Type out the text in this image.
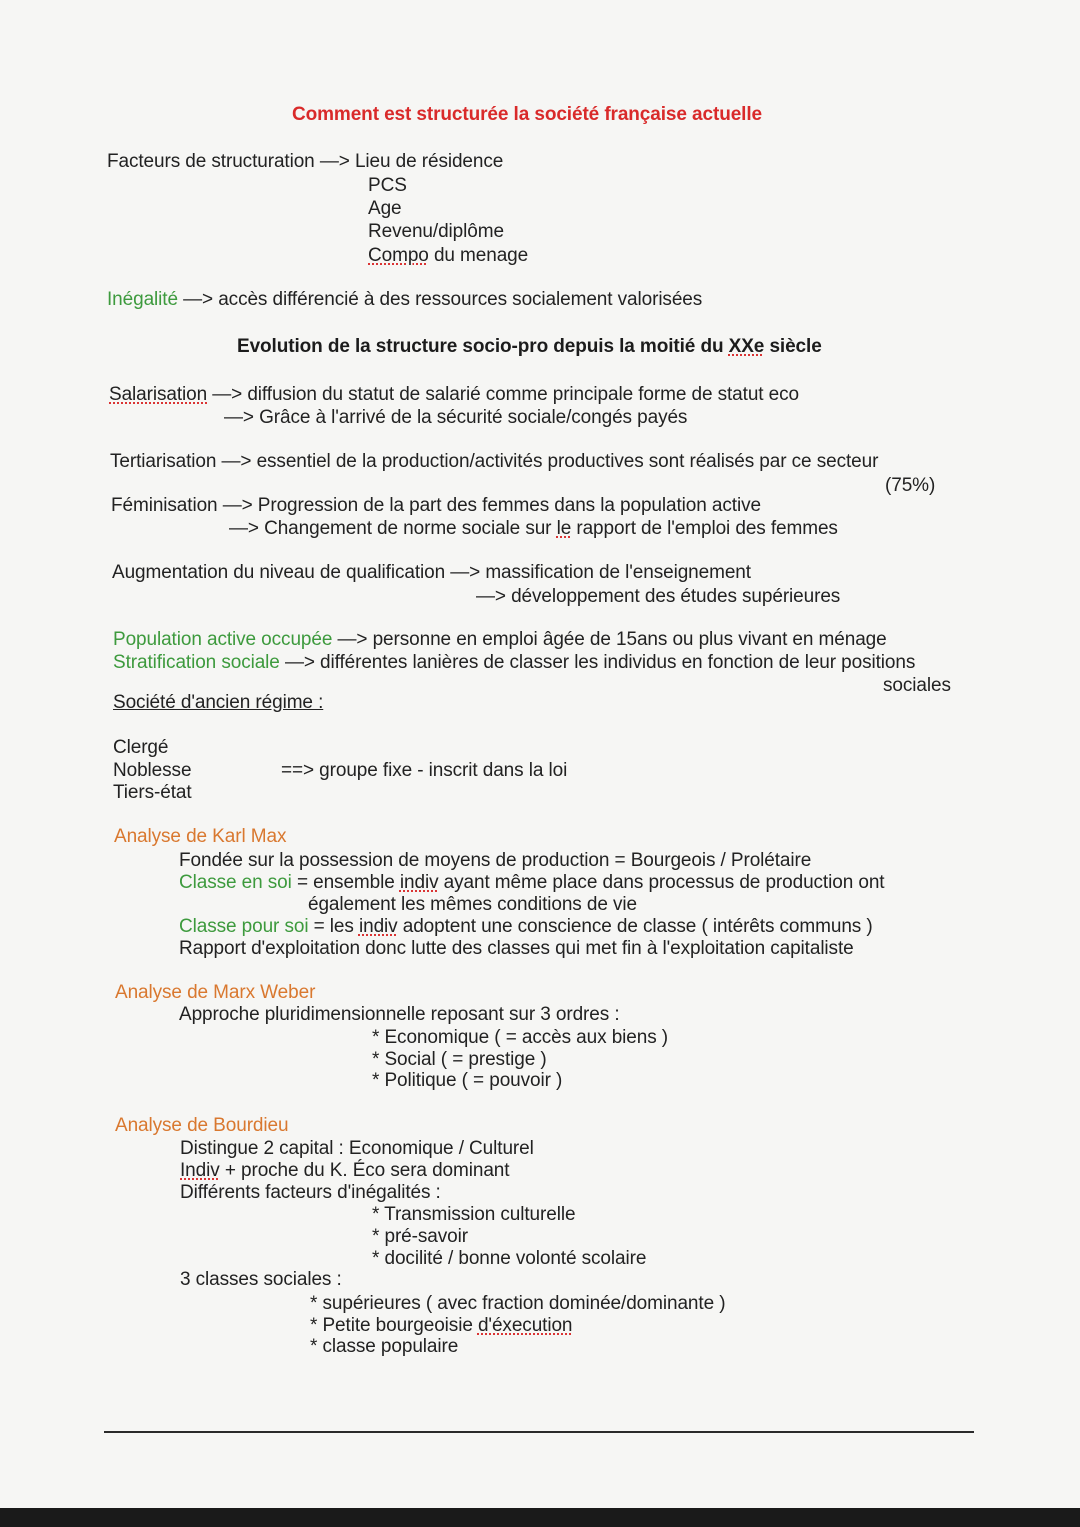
Comment est structurée la société française actuelle
Facteurs de structuration —> Lieu de résidence
PCS
Age
Revenu/diplôme
Compo du menage
Inégalité —> accès différencié à des ressources socialement valorisées
Evolution de la structure socio-pro depuis la moitié du XXe siècle
Salarisation —> diffusion du statut de salarié comme principale forme de statut eco
—> Grâce à l'arrivé de la sécurité sociale/congés payés
Tertiarisation —> essentiel de la production/activités productives sont réalisés par ce secteur
(75%)
Féminisation —> Progression de la part des femmes dans la population active
—> Changement de norme sociale sur le rapport de l'emploi des femmes
Augmentation du niveau de qualification —> massification de l'enseignement
—> développement des études supérieures
Population active occupée —> personne en emploi âgée de 15ans ou plus vivant en ménage
Stratification sociale —> différentes lanières de classer les individus en fonction de leur positions
sociales
Société d'ancien régime :
Clergé
Noblesse	==> groupe fixe - inscrit dans la loi
Tiers-état
Analyse de Karl Max
Fondée sur la possession de moyens de production = Bourgeois / Prolétaire
Classe en soi = ensemble indiv ayant même place dans processus de production ont
également les mêmes conditions de vie
Classe pour soi = les indiv adoptent une conscience de classe ( intérêts communs )
Rapport d'exploitation donc lutte des classes qui met fin à l'exploitation capitaliste
Analyse de Marx Weber
Approche pluridimensionnelle reposant sur 3 ordres :
* Economique ( = accès aux biens )
* Social ( = prestige )
* Politique ( = pouvoir )
Analyse de Bourdieu
Distingue 2 capital : Economique / Culturel
Indiv + proche du K. Éco sera dominant
Différents facteurs d'inégalités :
* Transmission culturelle
* pré-savoir
* docilité / bonne volonté scolaire
3 classes sociales :
* supérieures ( avec fraction dominée/dominante )
* Petite bourgeoisie d'éxecution
* classe populaire
